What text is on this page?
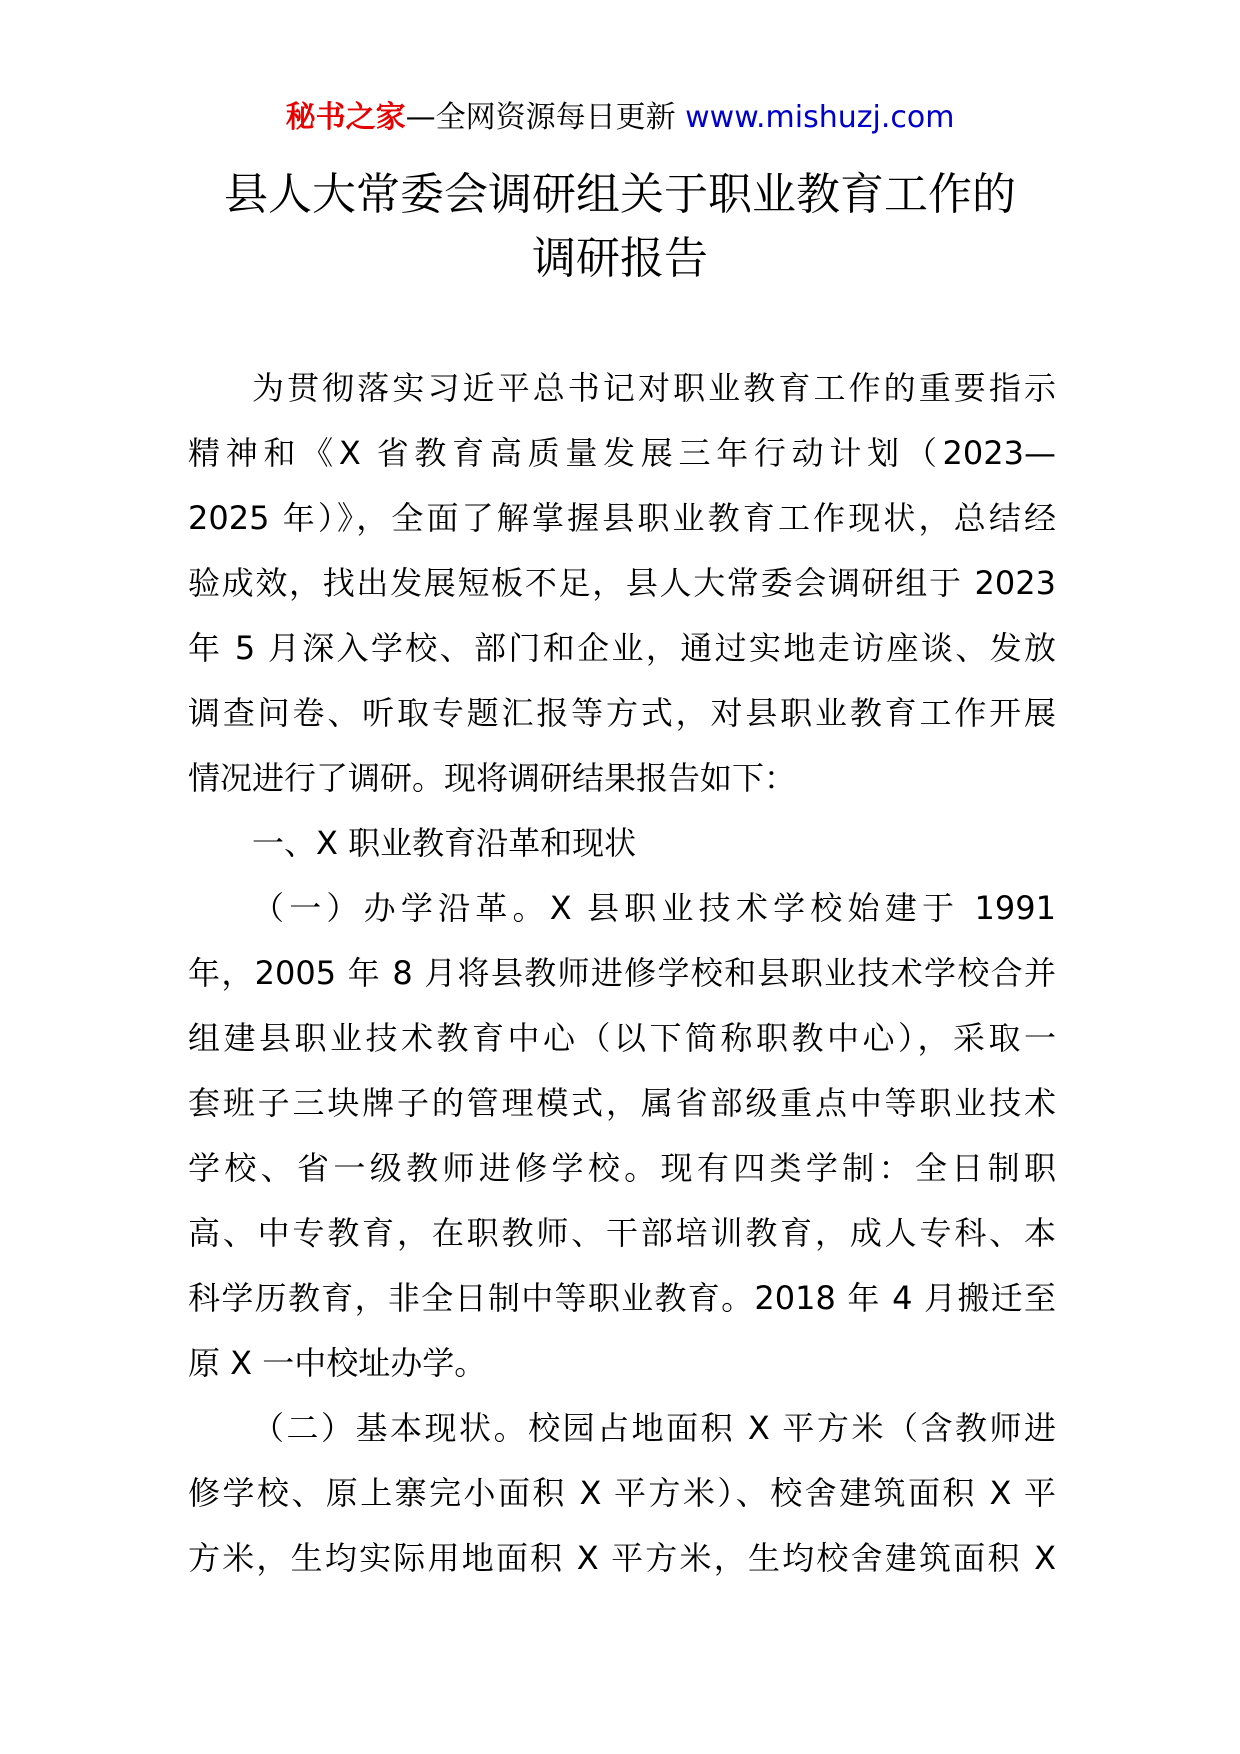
秘书之家—全网资源每日更新 www.mishuzj.com
县人大常委会调研组关于职业教育工作的
调研报告

为贯彻落实习近平总书记对职业教育工作的重要指示
精神和《X 省教育高质量发展三年行动计划（2023—
2025 年）》，全面了解掌握县职业教育工作现状，总结经
验成效，找出发展短板不足，县人大常委会调研组于 2023
年 5 月深入学校、部门和企业，通过实地走访座谈、发放
调查问卷、听取专题汇报等方式，对县职业教育工作开展
情况进行了调研。现将调研结果报告如下：

一、X 职业教育沿革和现状

（一）办学沿革。X 县职业技术学校始建于 1991
年，2005 年 8 月将县教师进修学校和县职业技术学校合并
组建县职业技术教育中心（以下简称职教中心），采取一
套班子三块牌子的管理模式，属省部级重点中等职业技术
学校、省一级教师进修学校。现有四类学制：全日制职
高、中专教育，在职教师、干部培训教育，成人专科、本
科学历教育，非全日制中等职业教育。2018 年 4 月搬迁至
原 X 一中校址办学。

（二）基本现状。校园占地面积 X 平方米（含教师进
修学校、原上寨完小面积 X 平方米）、校舍建筑面积 X 平
方米，生均实际用地面积 X 平方米，生均校舍建筑面积 X
